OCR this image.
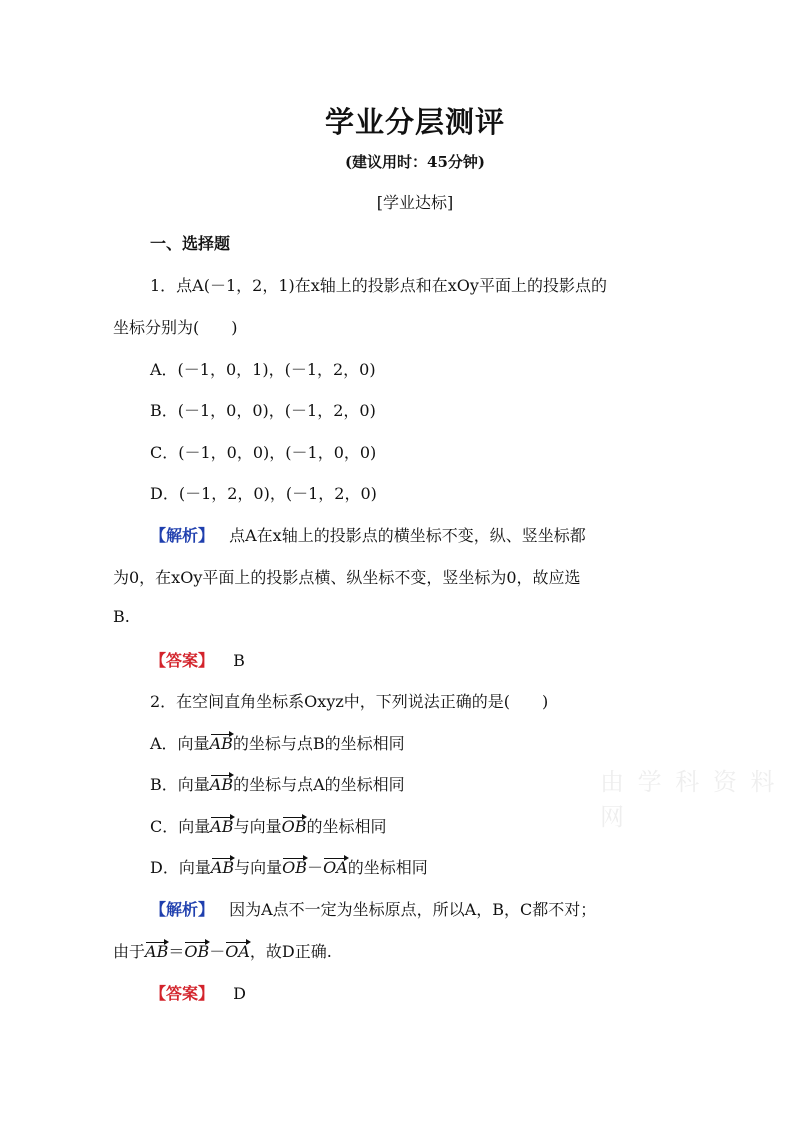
学业分层测评
(建议用时：45分钟)
[学业达标]
一、选择题
1．点A(－1，2，1)在x轴上的投影点和在xOy平面上的投影点的
坐标分别为(　　)
A．(－1，0，1)，(－1，2，0)
B．(－1，0，0)，(－1，2，0)
C．(－1，0，0)，(－1，0，0)
D．(－1，2，0)，(－1，2，0)
【解析】 点A在x轴上的投影点的横坐标不变，纵、竖坐标都
为0，在xOy平面上的投影点横、纵坐标不变，竖坐标为0，故应选
B.
【答案】 B
2．在空间直角坐标系Oxyz中，下列说法正确的是(　　)
A．向量AB的坐标与点B的坐标相同
B．向量AB的坐标与点A的坐标相同
C．向量AB与向量OB的坐标相同
D．向量AB与向量OB－OA的坐标相同
【解析】 因为A点不一定为坐标原点，所以A，B，C都不对；
由于AB＝OB－OA，故D正确.
【答案】 D
由 学 科 资 料 网
